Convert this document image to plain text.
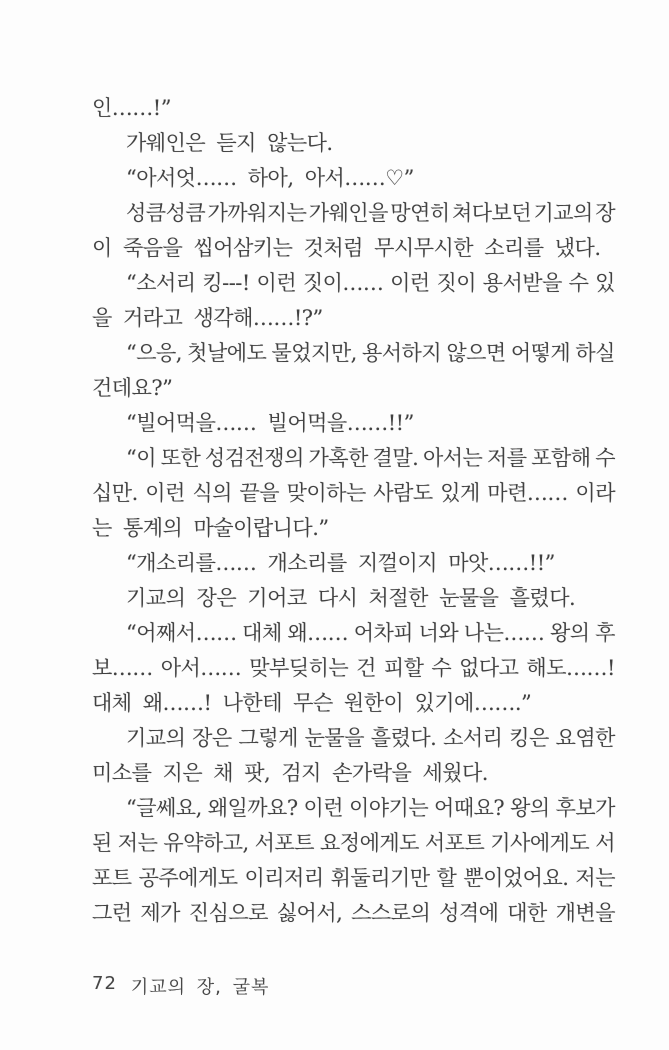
인……!”
가웨인은 듣지 않는다.
“아서엇…… 하아, 아서……♡”
성큼성큼 가까워지는 가웨인을 망연히 쳐다보던 기교의 장
이 죽음을 씹어삼키는 것처럼 무시무시한 소리를 냈다.
“소서리 킹---! 이런 짓이…… 이런 짓이 용서받을 수 있
을 거라고 생각해……!?”
“으응, 첫날에도 물었지만, 용서하지 않으면 어떻게 하실
건데요?”
“빌어먹을…… 빌어먹을……!!”
“이 또한 성검전쟁의 가혹한 결말. 아서는 저를 포함해 수
십만. 이런 식의 끝을 맞이하는 사람도 있게 마련…… 이라
는 통계의 마술이랍니다.”
“개소리를…… 개소리를 지껄이지 마앗……!!”
기교의 장은 기어코 다시 처절한 눈물을 흘렸다.
“어째서…… 대체 왜…… 어차피 너와 나는…… 왕의 후
보…… 아서…… 맞부딪히는 건 피할 수 없다고 해도……!
대체 왜……! 나한테 무슨 원한이 있기에…….”
기교의 장은 그렇게 눈물을 흘렸다. 소서리 킹은 요염한
미소를 지은 채 팟, 검지 손가락을 세웠다.
“글쎄요, 왜일까요? 이런 이야기는 어때요? 왕의 후보가
된 저는 유약하고, 서포트 요정에게도 서포트 기사에게도 서
포트 공주에게도 이리저리 휘둘리기만 할 뿐이었어요. 저는
그런 제가 진심으로 싫어서, 스스로의 성격에 대한 개변을
72 기교의 장, 굴복
